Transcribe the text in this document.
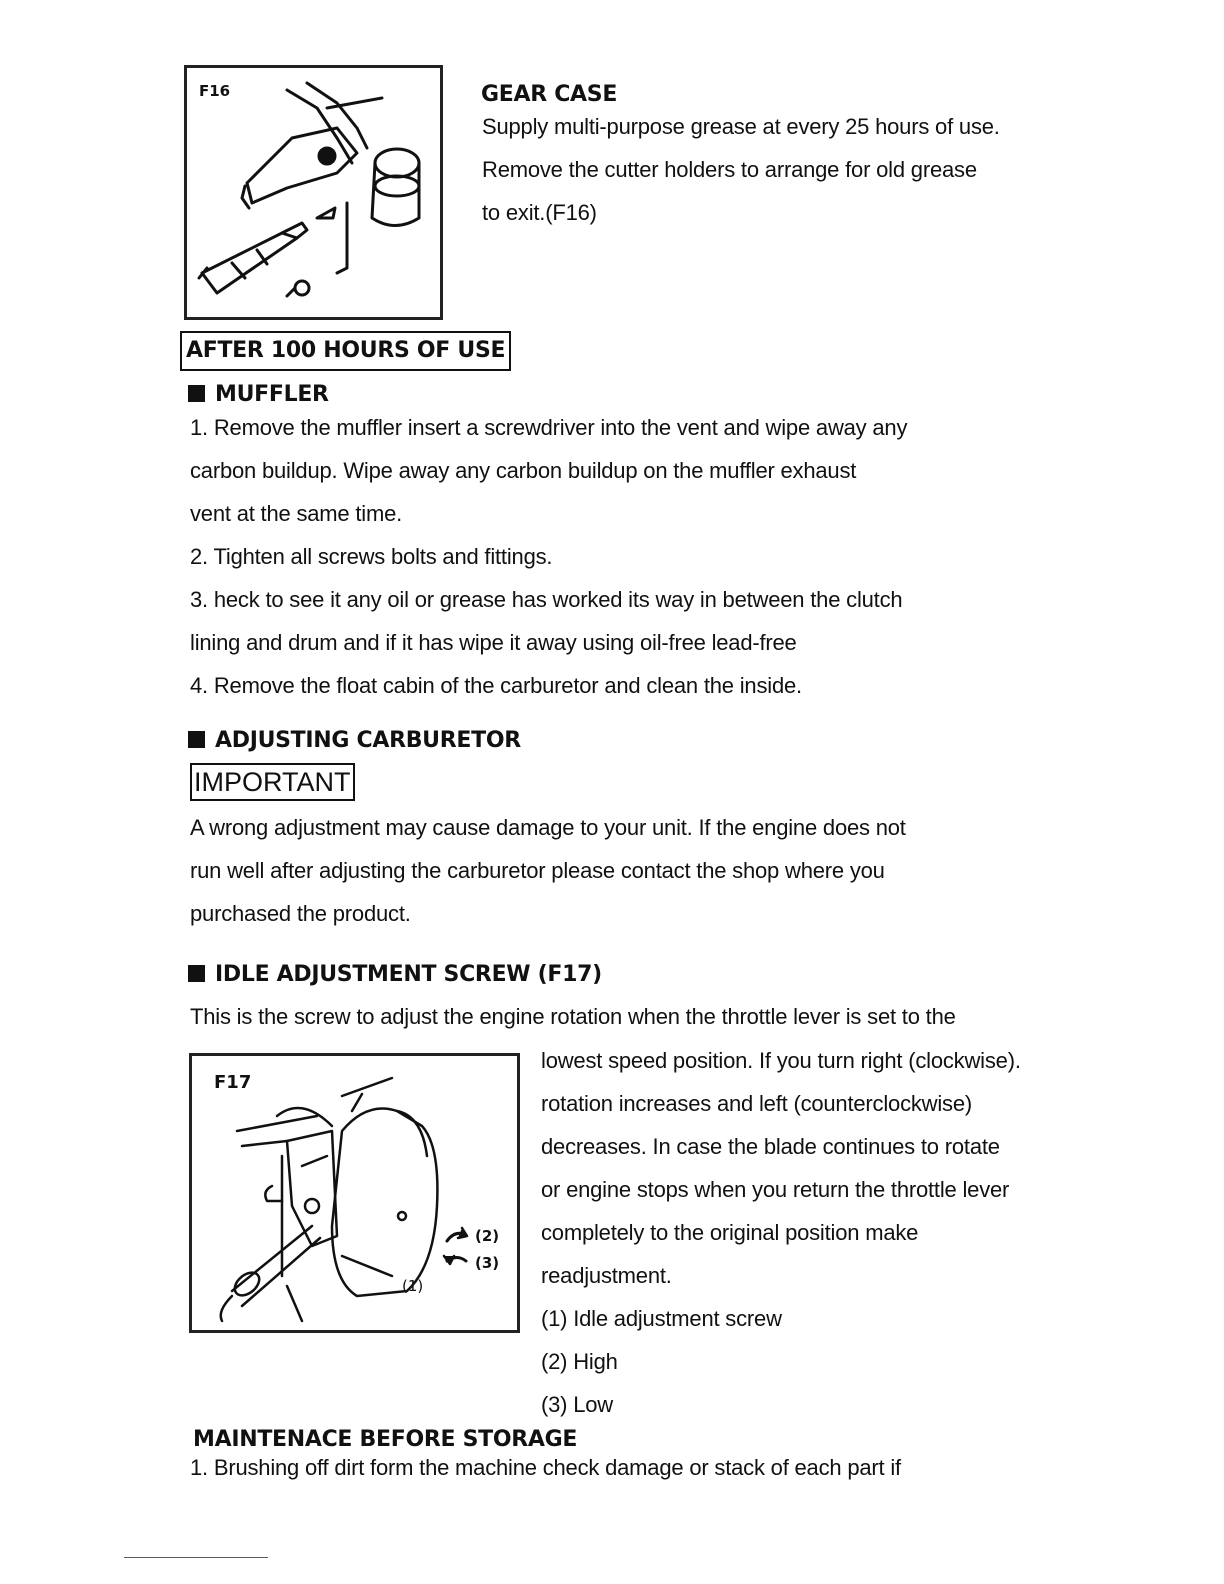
F16	GEAR CASE
Supply multi-purpose grease at every 25 hours of use.
Remove the cutter holders to arrange for old grease
to exit.(F16)
AFTER 100 HOURS OF USE
MUFFLER
1. Remove the muffler insert a screwdriver into the vent and wipe away any
carbon buildup. Wipe away any carbon buildup on the muffler exhaust
vent at the same time.
2. Tighten all screws bolts and fittings.
3. heck to see it any oil or grease has worked its way in between the clutch
lining and drum and if it has wipe it away using oil-free lead-free
4. Remove the float cabin of the carburetor and clean the inside.
ADJUSTING CARBURETOR
IMPORTANT
A wrong adjustment may cause damage to your unit. If the engine does not
run well after adjusting the carburetor please contact the shop where you
purchased the product.
IDLE ADJUSTMENT SCREW (F17)
This is the screw to adjust the engine rotation when the throttle lever is set to the
F17
(1)
(2)
(3)
lowest speed position. If you turn right (clockwise).
rotation increases and left (counterclockwise)
decreases. In case the blade continues to rotate
or engine stops when you return the throttle lever
completely to the original position make
readjustment.
(1) Idle adjustment screw
(2) High
(3) Low
MAINTENACE BEFORE STORAGE
1. Brushing off dirt form the machine check damage or stack of each part if
